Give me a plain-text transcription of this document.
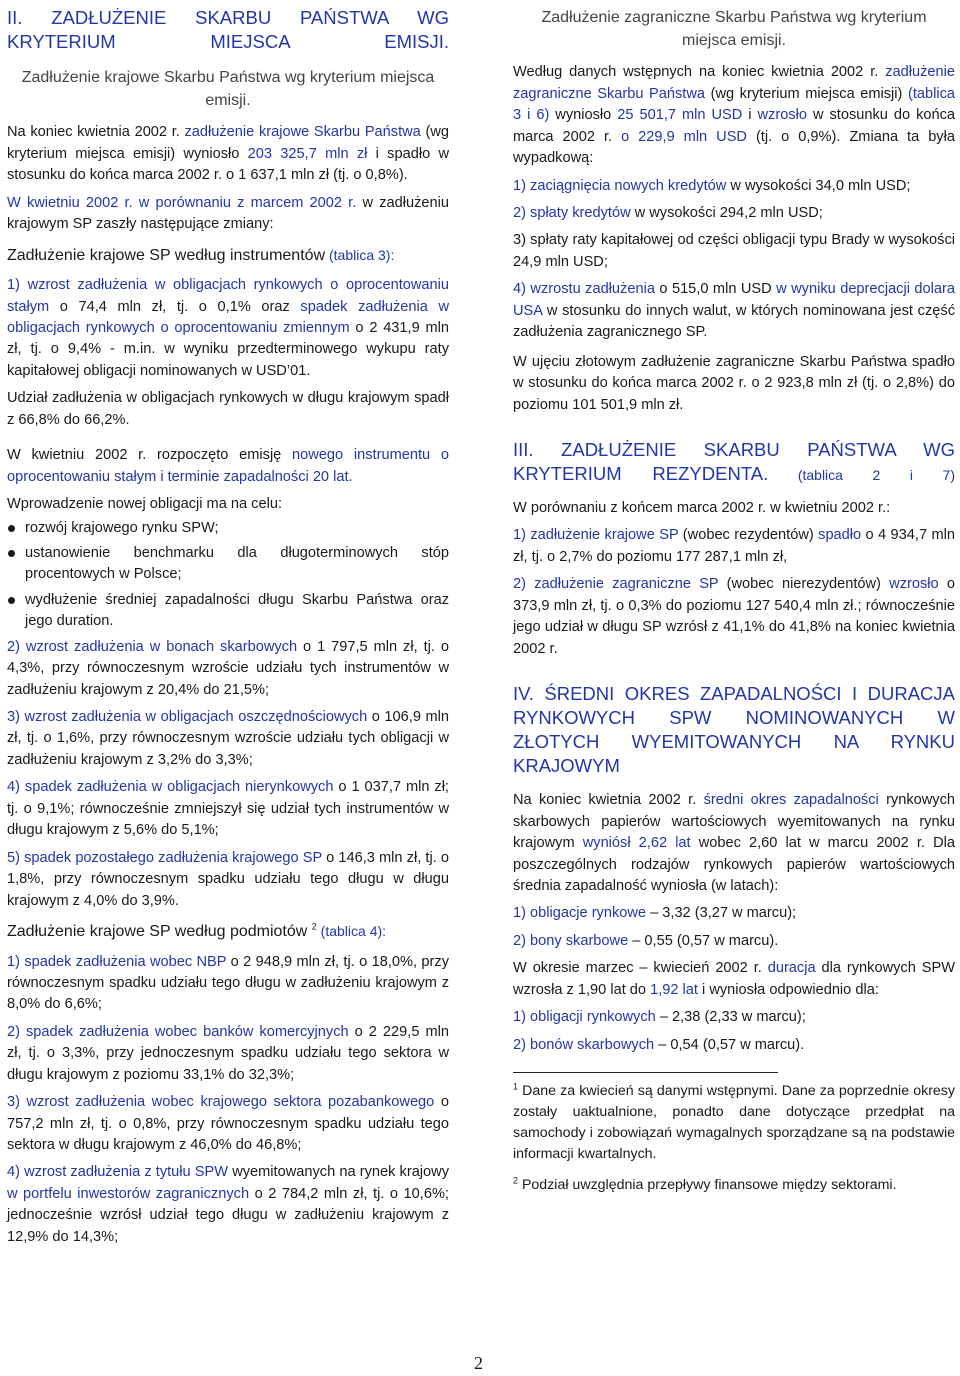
II. ZADŁUŻENIE SKARBU PAŃSTWA WG KRYTERIUM MIEJSCA EMISJI.
Zadłużenie krajowe Skarbu Państwa wg kryterium miejsca emisji.

Na koniec kwietnia 2002 r. zadłużenie krajowe Skarbu Państwa (wg kryterium miejsca emisji) wyniosło 203 325,7 mln zł i spadło w stosunku do końca marca 2002 r. o 1 637,1 mln zł (tj. o 0,8%).

W kwietniu 2002 r. w porównaniu z marcem 2002 r. w zadłużeniu krajowym SP zaszły następujące zmiany:

Zadłużenie krajowe SP według instrumentów (tablica 3):

1) wzrost zadłużenia w obligacjach rynkowych o oprocentowaniu stałym o 74,4 mln zł, tj. o 0,1% oraz spadek zadłużenia w obligacjach rynkowych o oprocentowaniu zmiennym o 2 431,9 mln zł, tj. o 9,4% - m.in. w wyniku przedterminowego wykupu raty kapitałowej obligacji nominowanych w USD’01.

Udział zadłużenia w obligacjach rynkowych w długu krajowym spadł z 66,8% do 66,2%.

W kwietniu 2002 r. rozpoczęto emisję nowego instrumentu o oprocentowaniu stałym i terminie zapadalności 20 lat.

Wprowadzenie nowej obligacji ma na celu:

rozwój krajowego rynku SPW;
ustanowienie benchmarku dla długoterminowych stóp procentowych w Polsce;
wydłużenie średniej zapadalności długu Skarbu Państwa oraz jego duration.

2) wzrost zadłużenia w bonach skarbowych o 1 797,5 mln zł, tj. o 4,3%, przy równoczesnym wzroście udziału tych instrumentów w zadłużeniu krajowym z 20,4% do 21,5%;

3) wzrost zadłużenia w obligacjach oszczędnościowych o 106,9 mln zł, tj. o 1,6%, przy równoczesnym wzroście udziału tych obligacji w zadłużeniu krajowym z 3,2% do 3,3%;

4) spadek zadłużenia w obligacjach nierynkowych o 1 037,7 mln zł; tj. o 9,1%; równocześnie zmniejszył się udział tych instrumentów w długu krajowym z 5,6% do 5,1%;

5) spadek pozostałego zadłużenia krajowego SP o 146,3 mln zł, tj. o 1,8%, przy równoczesnym spadku udziału tego długu w długu krajowym z 4,0% do 3,9%.

Zadłużenie krajowe SP według podmiotów $^2$ (tablica 4):

1) spadek zadłużenia wobec NBP o 2 948,9 mln zł, tj. o 18,0%, przy równoczesnym spadku udziału tego długu w zadłużeniu krajowym z 8,0% do 6,6%;

2) spadek zadłużenia wobec banków komercyjnych o 2 229,5 mln zł, tj. o 3,3%, przy jednoczesnym spadku udziału tego sektora w długu krajowym z poziomu 33,1% do 32,3%;

3) wzrost zadłużenia wobec krajowego sektora pozabankowego o 757,2 mln zł, tj. o 0,8%, przy równoczesnym spadku udziału tego sektora w długu krajowym z 46,0% do 46,8%;

4) wzrost zadłużenia z tytułu SPW wyemitowanych na rynek krajowy w portfelu inwestorów zagranicznych o 2 784,2 mln zł, tj. o 10,6%; jednocześnie wzrósł udział tego długu w zadłużeniu krajowym z 12,9% do 14,3%;

Zadłużenie zagraniczne Skarbu Państwa wg kryterium miejsca emisji.

Według danych wstępnych na koniec kwietnia 2002 r. zadłużenie zagraniczne Skarbu Państwa (wg kryterium miejsca emisji) (tablica 3 i 6) wyniosło 25 501,7 mln USD i wzrosło w stosunku do końca marca 2002 r. o 229,9 mln USD (tj. o 0,9%). Zmiana ta była wypadkową:

1) zaciągnięcia nowych kredytów w wysokości 34,0 mln USD;

2) spłaty kredytów w wysokości 294,2 mln USD;

3) spłaty raty kapitałowej od części obligacji typu Brady w wysokości 24,9 mln USD;

4) wzrostu zadłużenia o 515,0 mln USD w wyniku deprecjacji dolara USA w stosunku do innych walut, w których nominowana jest część zadłużenia zagranicznego SP.

W ujęciu złotowym zadłużenie zagraniczne Skarbu Państwa spadło w stosunku do końca marca 2002 r. o 2 923,8 mln zł (tj. o 2,8%) do poziomu 101 501,9 mln zł.

III. ZADŁUŻENIE SKARBU PAŃSTWA WG KRYTERIUM REZYDENTA. (tablica 2 i 7)

W porównaniu z końcem marca 2002 r. w kwietniu 2002 r.:

1) zadłużenie krajowe SP (wobec rezydentów) spadło o 4 934,7 mln zł, tj. o 2,7% do poziomu 177 287,1 mln zł,

2) zadłużenie zagraniczne SP (wobec nierezydentów) wzrosło o 373,9 mln zł, tj. o 0,3% do poziomu 127 540,4 mln zł.; równocześnie jego udział w długu SP wzrósł z 41,1% do 41,8% na koniec kwietnia 2002 r.

IV. ŚREDNI OKRES ZAPADALNOŚCI I DURACJA RYNKOWYCH SPW NOMINOWANYCH W ZŁOTYCH WYEMITOWANYCH NA RYNKU KRAJOWYM

Na koniec kwietnia 2002 r. średni okres zapadalności rynkowych skarbowych papierów wartościowych wyemitowanych na rynku krajowym wyniósł 2,62 lat wobec 2,60 lat w marcu 2002 r. Dla poszczególnych rodzajów rynkowych papierów wartościowych średnia zapadalność wyniosła (w latach):

1) obligacje rynkowe – 3,32 (3,27 w marcu);

2) bony skarbowe – 0,55 (0,57 w marcu).

W okresie marzec – kwiecień 2002 r. duracja dla rynkowych SPW wzrosła z 1,90 lat do 1,92 lat i wyniosła odpowiednio dla:

1) obligacji rynkowych – 2,38 (2,33 w marcu);

2) bonów skarbowych – 0,54 (0,57 w marcu).

$^1$ Dane za kwiecień są danymi wstępnymi. Dane za poprzednie okresy zostały uaktualnione, ponadto dane dotyczące przedpłat na samochody i zobowiązań wymagalnych sporządzane są na podstawie informacji kwartalnych.

$^2$ Podział uwzględnia przepływy finansowe między sektorami.

2
